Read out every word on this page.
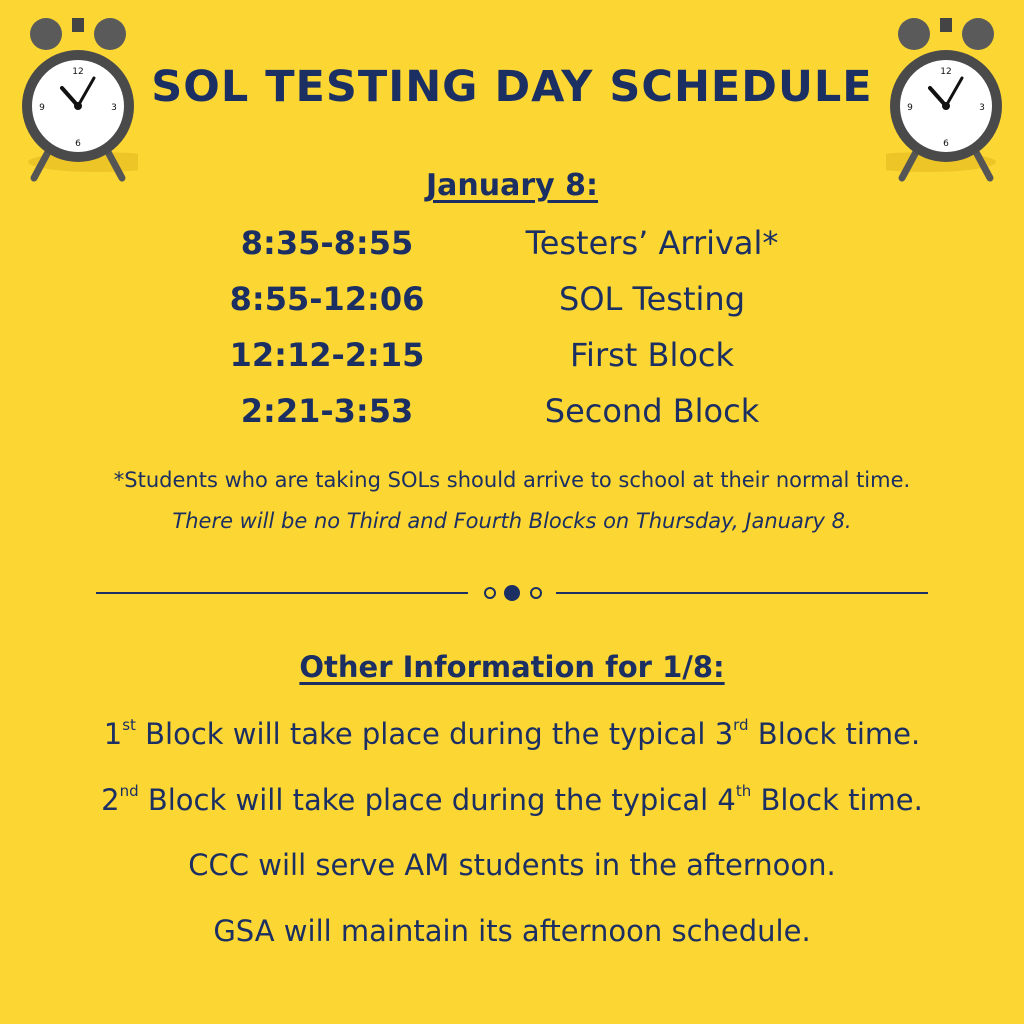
12
3
6
9
12
3
6
9
SOL TESTING DAY SCHEDULE
January 8:
8:35-8:55	Testers’ Arrival*
8:55-12:06	SOL Testing
12:12-2:15	First Block
2:21-3:53	Second Block
*Students who are taking SOLs should arrive to school at their normal time.
There will be no Third and Fourth Blocks on Thursday, January 8.
Other Information for 1/8:
1st Block will take place during the typical 3rd Block time.
2nd Block will take place during the typical 4th Block time.
CCC will serve AM students in the afternoon.
GSA will maintain its afternoon schedule.
